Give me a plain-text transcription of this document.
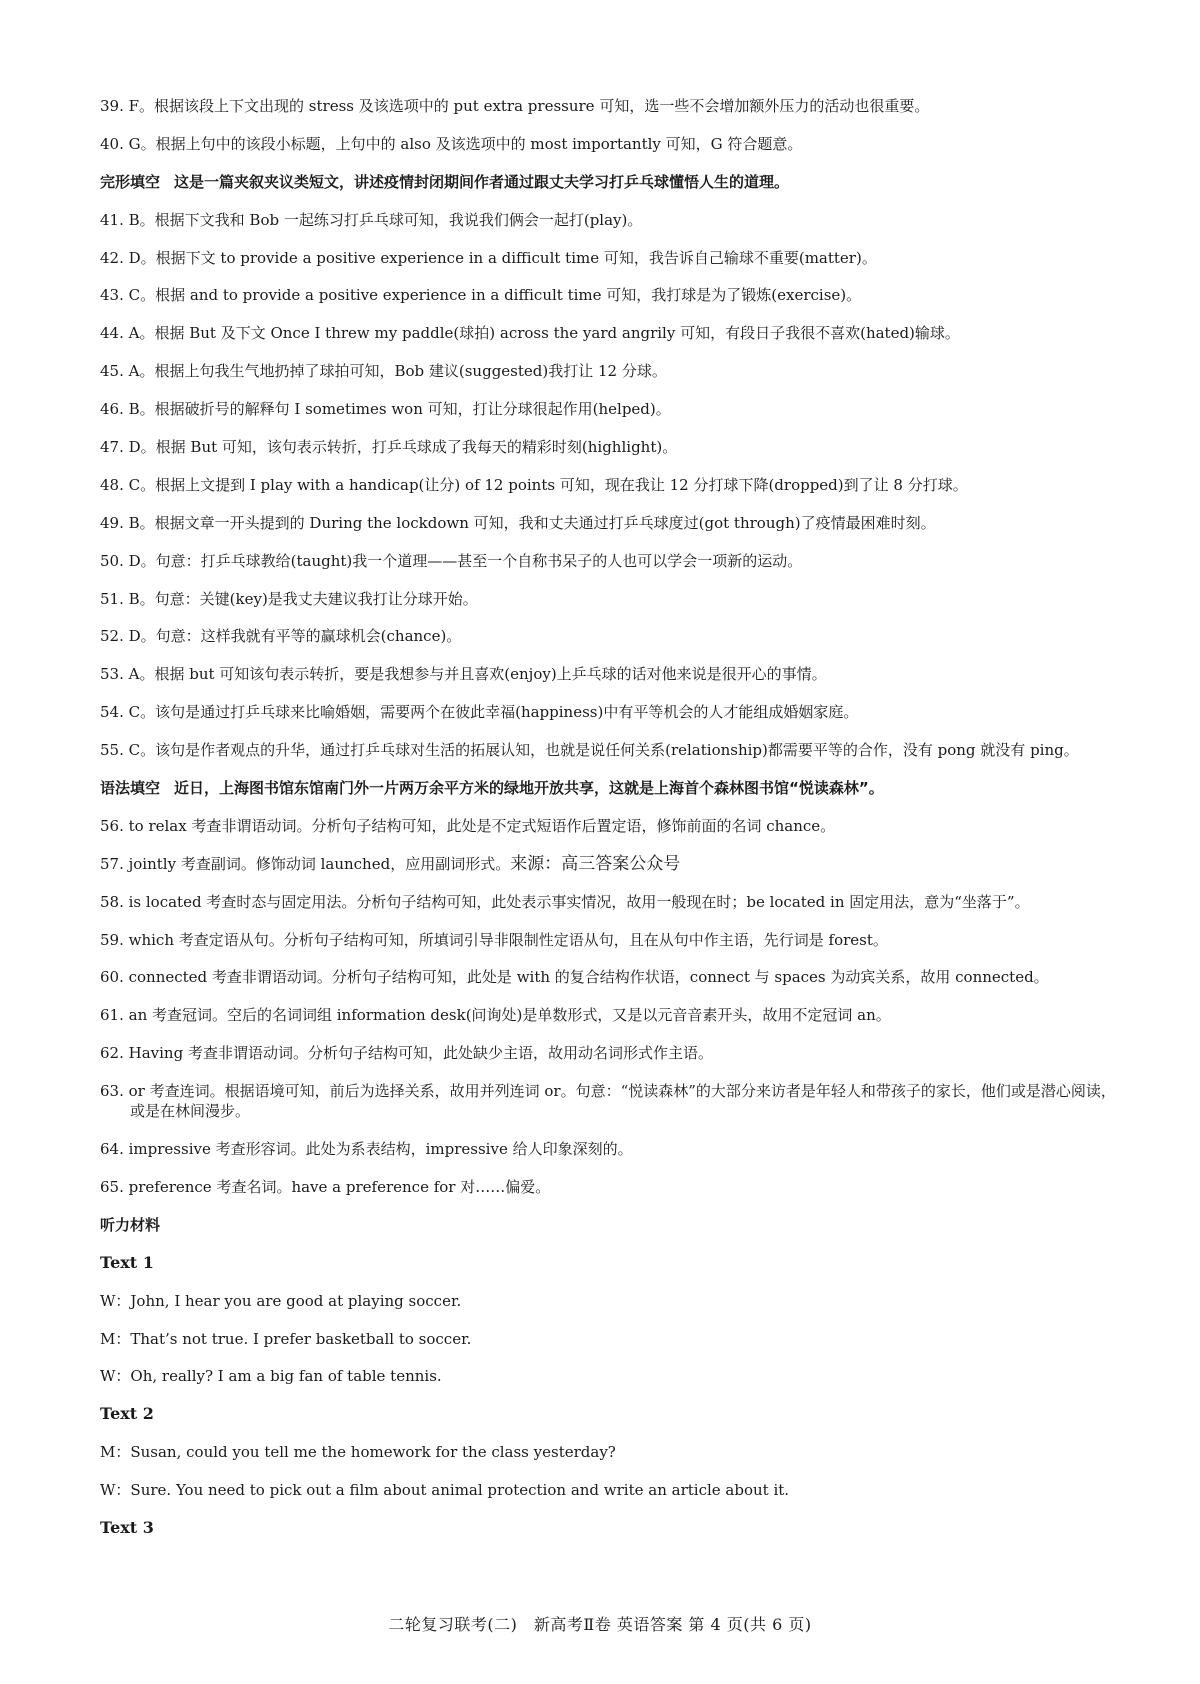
39. F。根据该段上下文出现的 stress 及该选项中的 put extra pressure 可知，选一些不会增加额外压力的活动也很重要。
40. G。根据上句中的该段小标题，上句中的 also 及该选项中的 most importantly 可知，G 符合题意。
完形填空 这是一篇夹叙夹议类短文，讲述疫情封闭期间作者通过跟丈夫学习打乒乓球懂悟人生的道理。
41. B。根据下文我和 Bob 一起练习打乒乓球可知，我说我们俩会一起打(play)。
42. D。根据下文 to provide a positive experience in a difficult time 可知，我告诉自己输球不重要(matter)。
43. C。根据 and to provide a positive experience in a difficult time 可知，我打球是为了锻炼(exercise)。
44. A。根据 But 及下文 Once I threw my paddle(球拍) across the yard angrily 可知，有段日子我很不喜欢(hated)输球。
45. A。根据上句我生气地扔掉了球拍可知，Bob 建议(suggested)我打让 12 分球。
46. B。根据破折号的解释句 I sometimes won 可知，打让分球很起作用(helped)。
47. D。根据 But 可知，该句表示转折，打乒乓球成了我每天的精彩时刻(highlight)。
48. C。根据上文提到 I play with a handicap(让分) of 12 points 可知，现在我让 12 分打球下降(dropped)到了让 8 分打球。
49. B。根据文章一开头提到的 During the lockdown 可知，我和丈夫通过打乒乓球度过(got through)了疫情最困难时刻。
50. D。句意：打乒乓球教给(taught)我一个道理——甚至一个自称书呆子的人也可以学会一项新的运动。
51. B。句意：关键(key)是我丈夫建议我打让分球开始。
52. D。句意：这样我就有平等的赢球机会(chance)。
53. A。根据 but 可知该句表示转折，要是我想参与并且喜欢(enjoy)上乒乓球的话对他来说是很开心的事情。
54. C。该句是通过打乒乓球来比喻婚姻，需要两个在彼此幸福(happiness)中有平等机会的人才能组成婚姻家庭。
55. C。该句是作者观点的升华，通过打乒乓球对生活的拓展认知，也就是说任何关系(relationship)都需要平等的合作，没有 pong 就没有 ping。
语法填空 近日，上海图书馆东馆南门外一片两万余平方米的绿地开放共享，这就是上海首个森林图书馆“悦读森林”。
56. to relax 考查非谓语动词。分析句子结构可知，此处是不定式短语作后置定语，修饰前面的名词 chance。
57. jointly 考查副词。修饰动词 launched，应用副词形式。来源：高三答案公众号
58. is located 考查时态与固定用法。分析句子结构可知，此处表示事实情况，故用一般现在时；be located in 固定用法，意为“坐落于”。
59. which 考查定语从句。分析句子结构可知，所填词引导非限制性定语从句，且在从句中作主语，先行词是 forest。
60. connected 考查非谓语动词。分析句子结构可知，此处是 with 的复合结构作状语，connect 与 spaces 为动宾关系，故用 connected。
61. an 考查冠词。空后的名词词组 information desk(问询处)是单数形式，又是以元音音素开头，故用不定冠词 an。
62. Having 考查非谓语动词。分析句子结构可知，此处缺少主语，故用动名词形式作主语。
63. or 考查连词。根据语境可知，前后为选择关系，故用并列连词 or。句意：“悦读森林”的大部分来访者是年轻人和带孩子的家长，他们或是潜心阅读，或是在林间漫步。
64. impressive 考查形容词。此处为系表结构，impressive 给人印象深刻的。
65. preference 考查名词。have a preference for 对……偏爱。
听力材料
Text 1
W：John, I hear you are good at playing soccer.
M：That’s not true. I prefer basketball to soccer.
W：Oh, really? I am a big fan of table tennis.
Text 2
M：Susan, could you tell me the homework for the class yesterday?
W：Sure. You need to pick out a film about animal protection and write an article about it.
Text 3
二轮复习联考(二)　新高考Ⅱ卷 英语答案 第 4 页(共 6 页)
